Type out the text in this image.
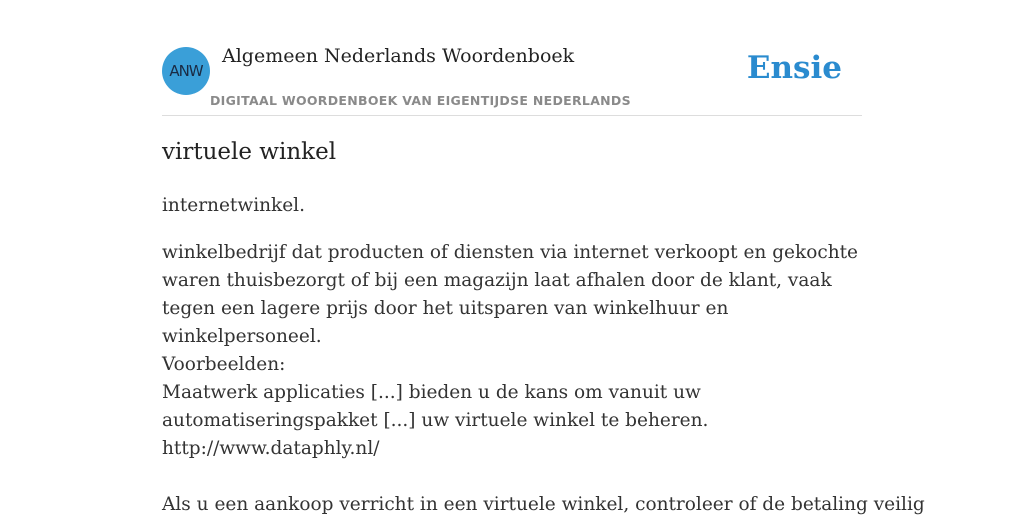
ANW
Algemeen Nederlands Woordenboek
DIGITAAL WOORDENBOEK VAN EIGENTIJDSE NEDERLANDS
Ensie
virtuele winkel

internetwinkel.

winkelbedrijf dat producten of diensten via internet verkoopt en gekochte waren thuisbezorgt of bij een magazijn laat afhalen door de klant, vaak tegen een lagere prijs door het uitsparen van winkelhuur en winkelpersoneel.

Voorbeelden:
Maatwerk applicaties [...] bieden u de kans om vanuit uw automatiseringspakket [...] uw virtuele winkel te beheren.
http://www.dataphly.nl/
Als u een aankoop verricht in een virtuele winkel, controleer of de betaling veilig
